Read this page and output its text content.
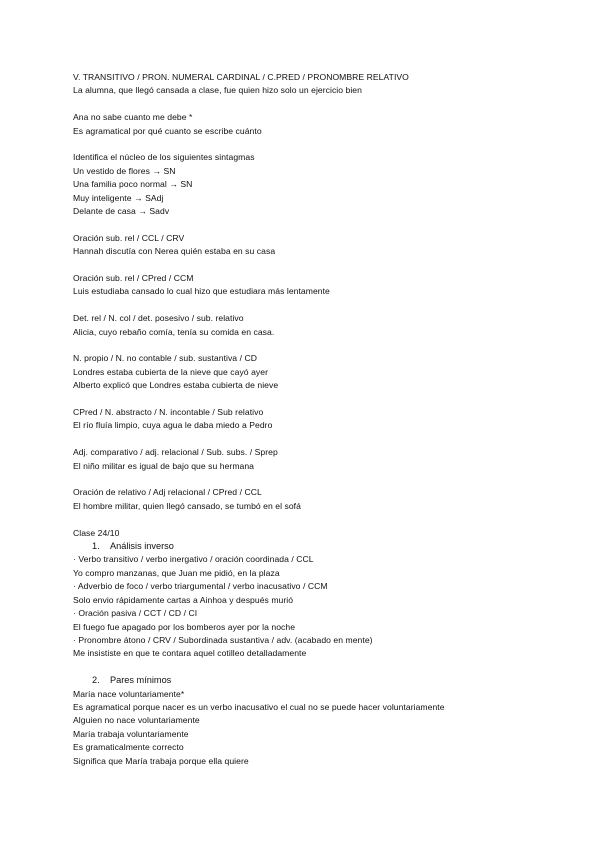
V. TRANSITIVO / PRON. NUMERAL CARDINAL / C.PRED / PRONOMBRE RELATIVO
La alumna, que llegó cansada a clase, fue quien hizo solo un ejercicio bien
Ana no sabe cuanto me debe *
Es agramatical por qué cuanto se escribe cuánto
Identifica el núcleo de los siguientes sintagmas
Un vestido de flores → SN
Una familia poco normal → SN
Muy inteligente → SAdj
Delante de casa → Sadv
Oración sub. rel / CCL / CRV
Hannah discutía con Nerea quién estaba en su casa
Oración sub. rel / CPred / CCM
Luis estudiaba cansado lo cual hizo que estudiara más lentamente
Det. rel / N. col / det. posesivo / sub. relativo
Alicia, cuyo rebaño comía, tenía su comida en casa.
N. propio / N. no contable / sub. sustantiva / CD
Londres estaba cubierta de la nieve que cayó ayer
Alberto explicó que Londres estaba cubierta de nieve
CPred / N. abstracto / N. incontable / Sub relativo
El río fluía limpio, cuya agua le daba miedo a Pedro
Adj. comparativo / adj. relacional / Sub. subs. / Sprep
El niño militar es igual de bajo que su hermana
Oración de relativo / Adj relacional / CPred / CCL
El hombre militar, quien llegó cansado, se tumbó en el sofá
Clase 24/10
1. Análisis inverso
· Verbo transitivo / verbo inergativo / oración coordinada / CCL
Yo compro manzanas, que Juan me pidió, en la plaza
· Adverbio de foco / verbo triargumental / verbo inacusativo / CCM
Solo envio rápidamente cartas a Ainhoa y después murió
· Oración pasiva / CCT / CD / CI
El fuego fue apagado por los bomberos ayer por la noche
· Pronombre átono / CRV / Subordinada sustantiva / adv. (acabado en mente)
Me insististe en que te contara aquel cotilleo detalladamente
2. Pares mínimos
María nace voluntariamente*
Es agramatical porque nacer es un verbo inacusativo el cual no se puede hacer voluntariamente
Alguien no nace voluntariamente
María trabaja voluntariamente
Es gramaticalmente correcto
Significa que María trabaja porque ella quiere
